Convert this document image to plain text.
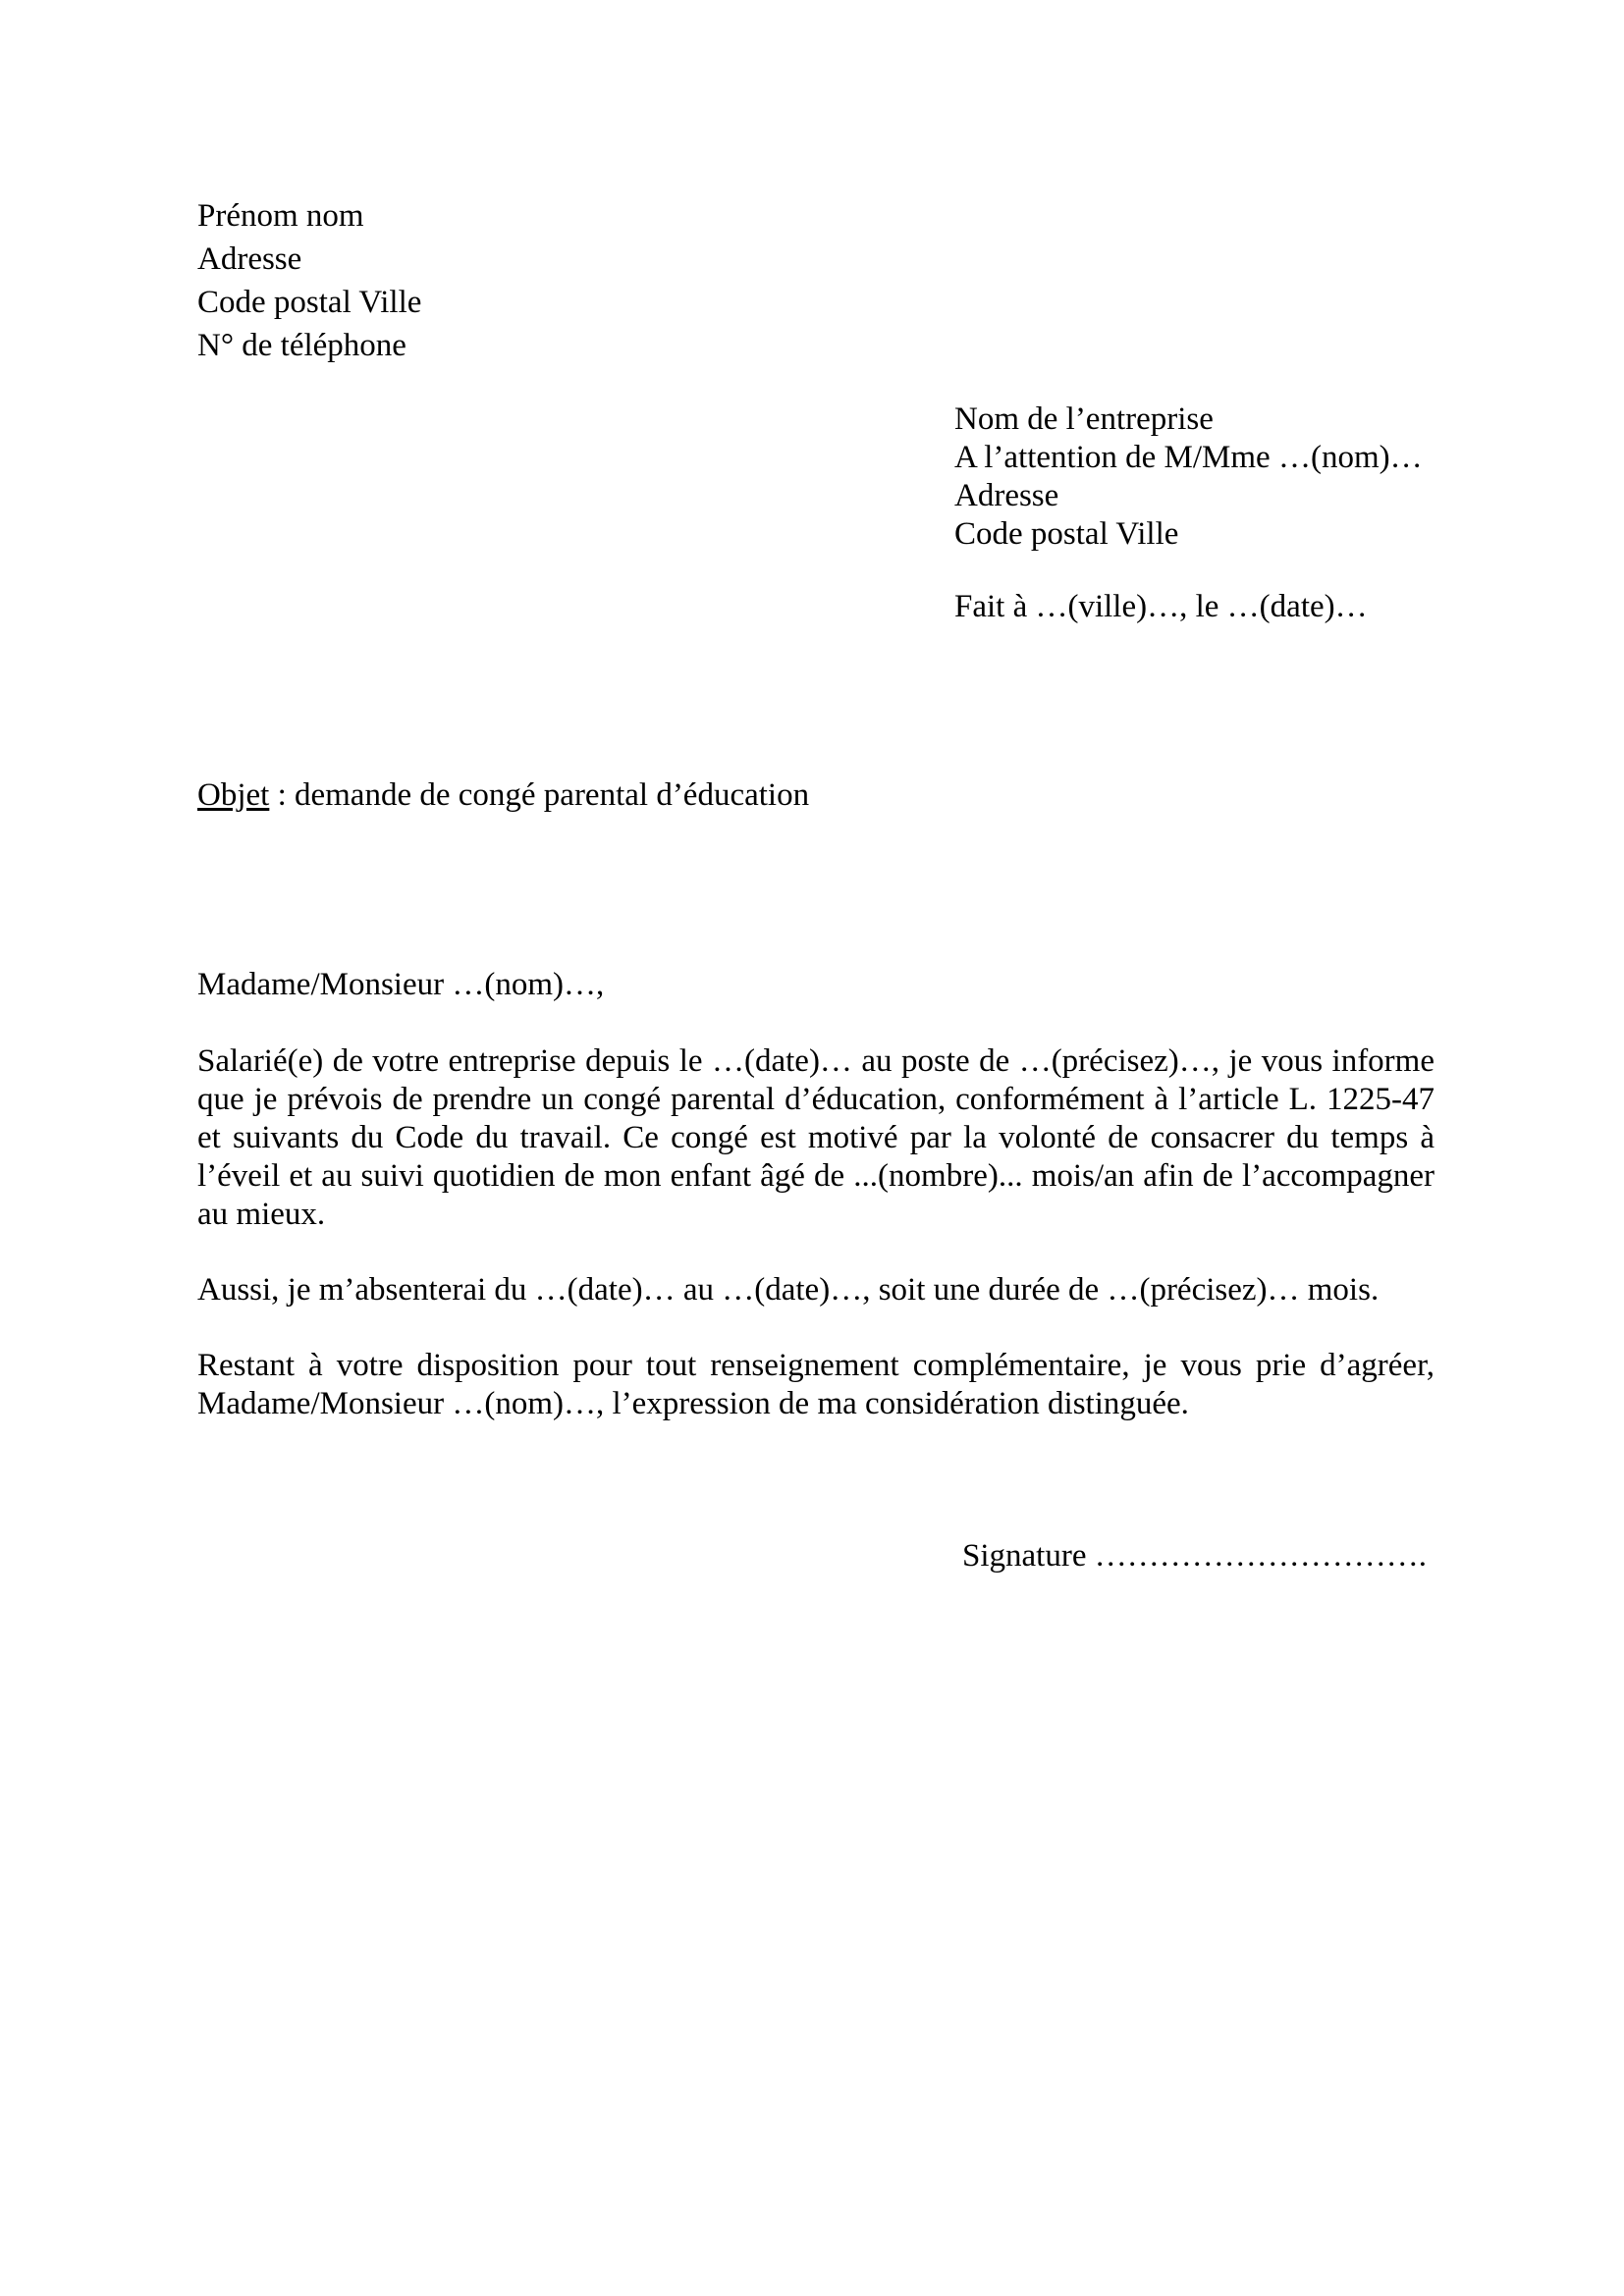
Prénom nom
Adresse
Code postal Ville
N° de téléphone
Nom de l’entreprise
A l’attention de M/Mme …(nom)…
Adresse
Code postal Ville
Fait à …(ville)…, le …(date)…
Objet : demande de congé parental d’éducation
Madame/Monsieur …(nom)…,
Salarié(e) de votre entreprise depuis le …(date)… au poste de …(précisez)…, je vous informe
que je prévois de prendre un congé parental d’éducation, conformément à l’article L. 1225-47
et suivants du Code du travail. Ce congé est motivé par la volonté de consacrer du temps à
l’éveil et au suivi quotidien de mon enfant âgé de ...(nombre)... mois/an afin de l’accompagner
au mieux.
Aussi, je m’absenterai du …(date)… au …(date)…, soit une durée de …(précisez)… mois.
Restant à votre disposition pour tout renseignement complémentaire, je vous prie d’agréer,
Madame/Monsieur …(nom)…, l’expression de ma considération distinguée.
Signature ………………………….
